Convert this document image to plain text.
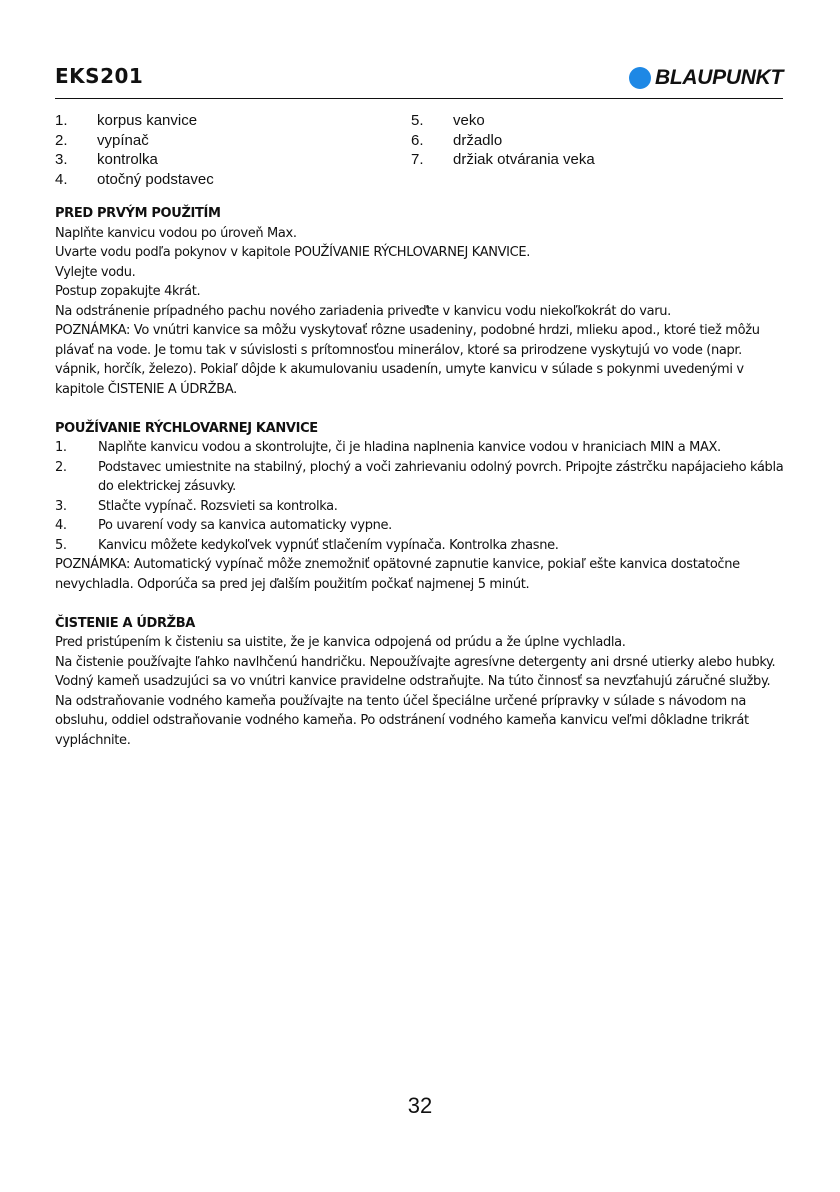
EKS201	BLAUPUNKT
1.	korpus kanvice
2.	vypínač
3.	kontrolka
4.	otočný podstavec
5.	veko
6.	držadlo
7.	držiak otvárania veka
PRED PRVÝM POUŽITÍM

Naplňte kanvicu vodou po úroveň Max.

Uvarte vodu podľa pokynov v kapitole POUŽÍVANIE RÝCHLOVARNEJ KANVICE.

Vylejte vodu.

Postup zopakujte 4krát.

Na odstránenie prípadného pachu nového zariadenia priveďte v kanvicu vodu niekoľkokrát do varu.

POZNÁMKA: Vo vnútri kanvice sa môžu vyskytovať rôzne usadeniny, podobné hrdzi, mlieku apod., ktoré tiež môžu plávať na vode. Je tomu tak v súvislosti s prítomnosťou minerálov, ktoré sa prirodzene vyskytujú vo vode (napr. vápnik, horčík, železo). Pokiaľ dôjde k akumulovaniu usadenín, umyte kanvicu v súlade s pokynmi uvedenými v kapitole ČISTENIE A ÚDRŽBA.

POUŽÍVANIE RÝCHLOVARNEJ KANVICE
1.	Naplňte kanvicu vodou a skontrolujte, či je hladina naplnenia kanvice vodou v hraniciach MIN a MAX.
2.	Podstavec umiestnite na stabilný, plochý a voči zahrievaniu odolný povrch. Pripojte zástrčku napájacieho kábla do elektrickej zásuvky.
3.	Stlačte vypínač. Rozsvieti sa kontrolka.
4.	Po uvarení vody sa kanvica automaticky vypne.
5.	Kanvicu môžete kedykoľvek vypnúť stlačením vypínača. Kontrolka zhasne.

POZNÁMKA: Automatický vypínač môže znemožniť opätovné zapnutie kanvice, pokiaľ ešte kanvica dostatočne nevychladla. Odporúča sa pred jej ďalším použitím počkať najmenej 5 minút.

ČISTENIE A ÚDRŽBA

Pred pristúpením k čisteniu sa uistite, že je kanvica odpojená od prúdu a že úplne vychladla.

Na čistenie používajte ľahko navlhčenú handričku. Nepoužívajte agresívne detergenty ani drsné utierky alebo hubky.

Vodný kameň usadzujúci sa vo vnútri kanvice pravidelne odstraňujte. Na túto činnosť sa nevzťahujú záručné služby. Na odstraňovanie vodného kameňa používajte na tento účel špeciálne určené prípravky v súlade s návodom na obsluhu, oddiel odstraňovanie vodného kameňa. Po odstránení vodného kameňa kanvicu veľmi dôkladne trikrát vypláchnite.

32
